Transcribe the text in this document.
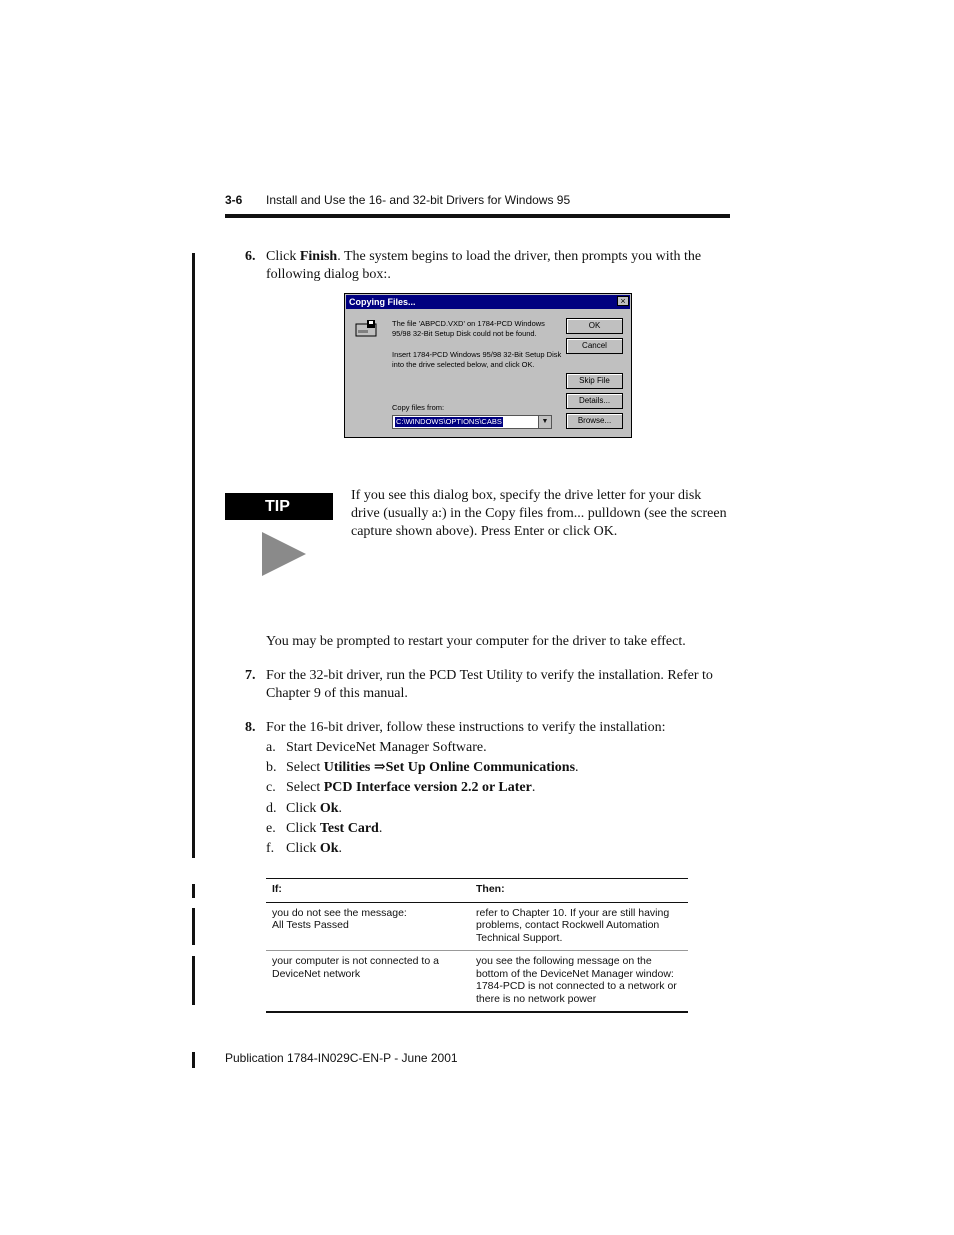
3-6 Install and Use the 16- and 32-bit Drivers for Windows 95
6. Click Finish. The system begins to load the driver, then prompts you with the following dialog box:.
Copying Files...	×
The file 'ABPCD.VXD' on 1784-PCD Windows 95/98 32-Bit Setup Disk could not be found.
Insert 1784-PCD Windows 95/98 32-Bit Setup Disk into the drive selected below, and click OK.
Copy files from:
C:\WINDOWS\OPTIONS\CABS	▼
OK
Cancel
Skip File
Details...
Browse...
TIP
If you see this dialog box, specify the drive letter for your disk drive (usually a:) in the Copy files from... pulldown (see the screen capture shown above). Press Enter or click OK.
You may be prompted to restart your computer for the driver to take effect.
7. For the 32-bit driver, run the PCD Test Utility to verify the installation. Refer to Chapter 9 of this manual.
8. For the 16-bit driver, follow these instructions to verify the installation:
a. Start DeviceNet Manager Software.
b. Select Utilities ⇒Set Up Online Communications.
c. Select PCD Interface version 2.2 or Later.
d. Click Ok.
e. Click Test Card.
f. Click Ok.
If:	Then:

you do not see the message:
All Tests Passed	refer to Chapter 10. If your are still having problems, contact Rockwell Automation Technical Support.
your computer is not connected to a DeviceNet network	you see the following message on the bottom of the DeviceNet Manager window:
1784-PCD is not connected to a network or there is no network power
Publication 1784-IN029C-EN-P - June 2001
